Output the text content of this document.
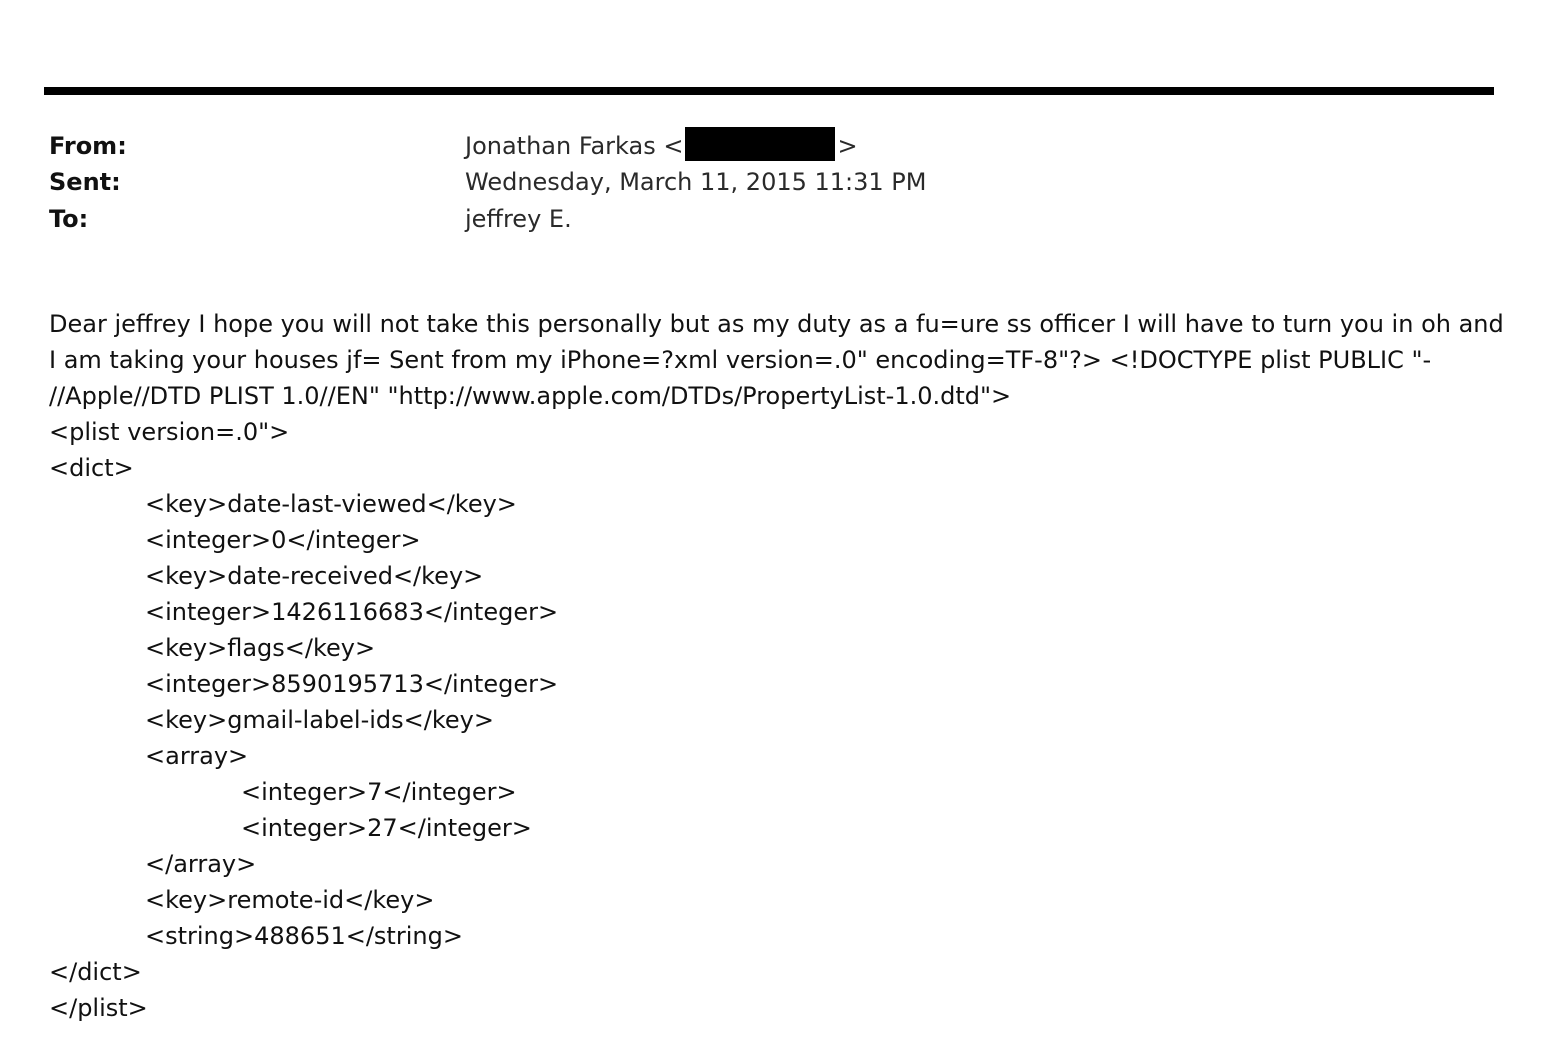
From:	Jonathan Farkas <	>
Sent:	Wednesday, March 11, 2015 11:31 PM
To:	jeffrey E.

Dear jeffrey I hope you will not take this personally but as my duty as a fu=ure ss officer I will have to turn you in oh and
I am taking your houses jf= Sent from my iPhone=?xml version=.0" encoding=TF-8"?> <!DOCTYPE plist PUBLIC "-
//Apple//DTD PLIST 1.0//EN" "http://www.apple.com/DTDs/PropertyList-1.0.dtd">

<plist version=.0">
<dict>
<key>date-last-viewed</key>
<integer>0</integer>
<key>date-received</key>
<integer>1426116683</integer>
<key>flags</key>
<integer>8590195713</integer>
<key>gmail-label-ids</key>
<array>
<integer>7</integer>
<integer>27</integer>
</array>
<key>remote-id</key>
<string>488651</string>
</dict>
</plist>
